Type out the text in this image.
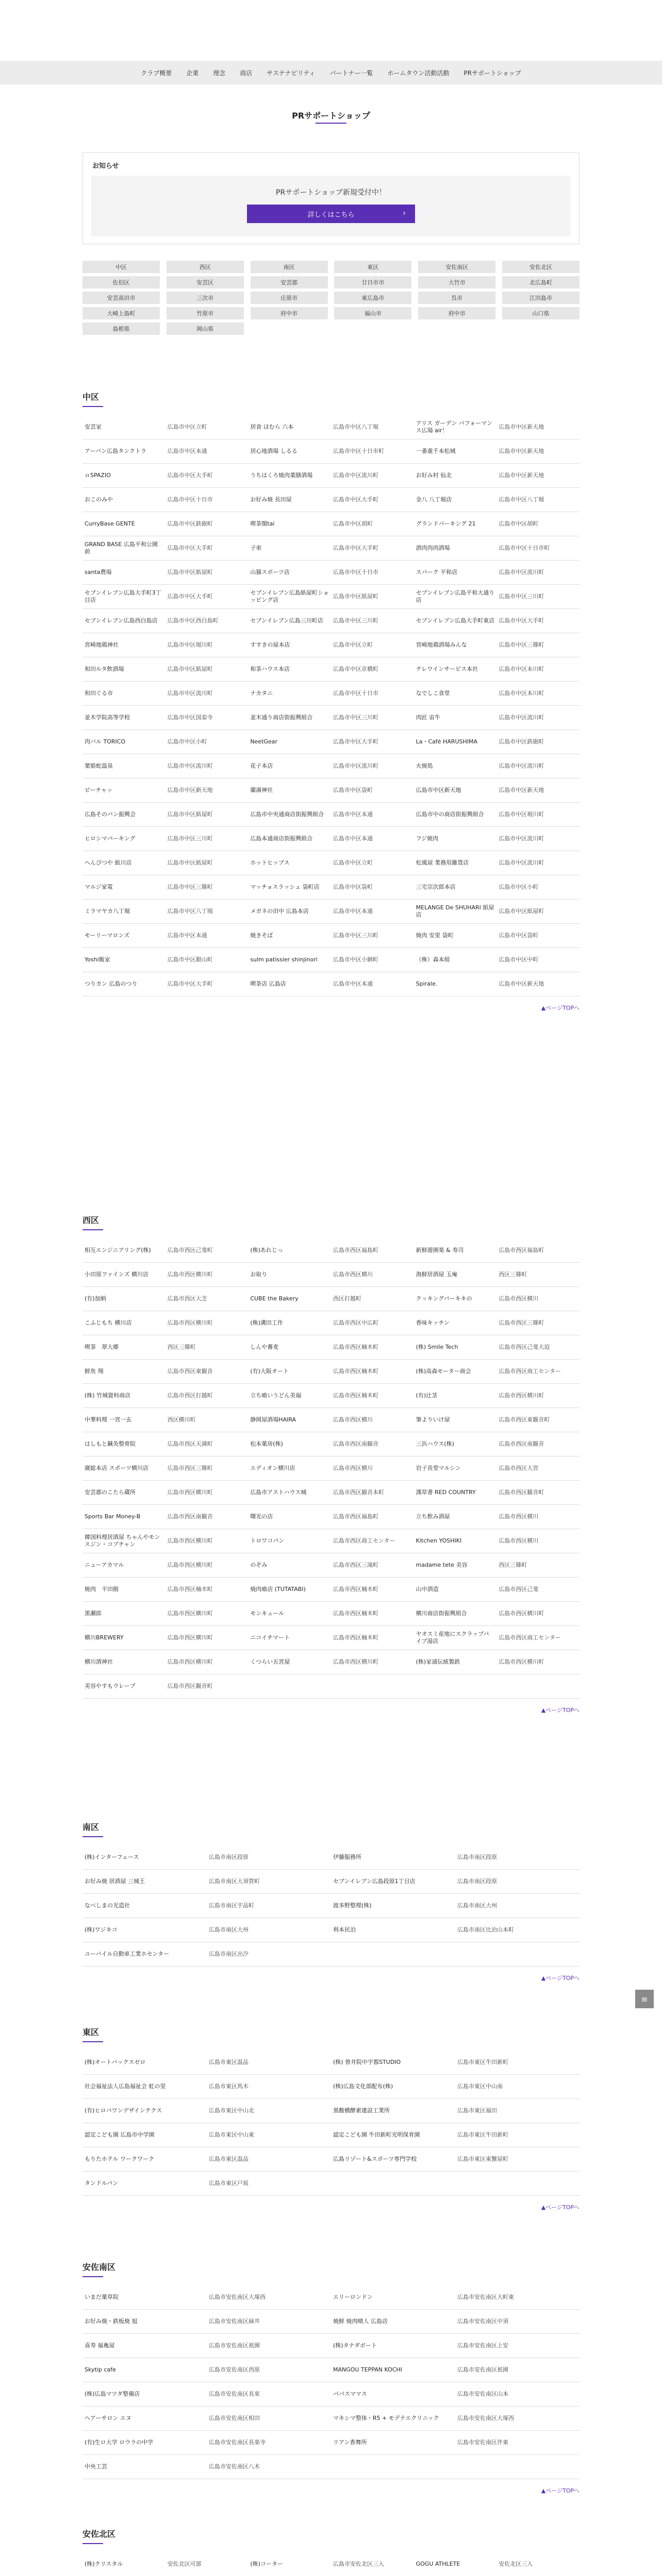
クラブ概要 企業 理念 商店 サステナビリティ パートナー一覧 ホームタウン活動活動 PRサポートショップ
PRサポートショップ
お知らせ
PRサポートショップ新規受付中！
詳しくはこちら	›
中区	西区	南区	東区	安佐南区	安佐北区
佐伯区	安芸区	安芸郡	廿日市市	大竹市	北広島町
安芸高田市	三次市	庄原市	東広島市	呉市	江田島市
大崎上島町	竹原市	府中市	福山市	府中市	山口県
島根県	岡山県
中区
安芸家	広島市中区立町	居食 ほむら 六本	広島市中区八丁堀	アリス ガーデン パフォーマンス広場 air！	広島市中区新天地
アーバン広島タンクトラ	広島市中区本通	居心地酒場 しるる	広島市中区十日市町	一番重千本松城	広島市中区新天地
ｏSPAZIO	広島市中区大手町	うちはくろ焼肉薬膳酒場	広島市中区流川町	お好み村 仙北	広島市中区新天地
おこのみや	広島市中区十日市	お好み焼 長田屋	広島市中区大手町	金八 八丁堀店	広島市中区八丁堀
CurryBase GENTE	広島市中区鉄砲町	喫茶閣tai	広島市中区胡町	グランドパーキング 21	広島市中区胡町
GRAND BASE 広島平和公園前	広島市中区大手町	子車	広島市中区大手町	酒肉肉肉酒場	広島市中区十日市町
santa農場	広島市中区紙屋町	山猫スポーツ店	広島市中区十日市	スパーク 平和店	広島市中区流川町
セブンイレブン広島大手町3丁目店	広島市中区大手町	セブンイレブン広島紙屋町ショッピング店	広島市中区紙屋町	セブンイレブン広島平和大通り店	広島市中区三川町
セブンイレブン広島西白島店	広島市中区西白島町	セブンイレブン広島三川町店	広島市中区三川町	セブンイレブン広島大手町東店	広島市中区大手町
宮崎地鶏神社	広島市中区堀川町	すすきの屋本店	広島市中区立町	宮崎地鶏酒場みんな	広島市中区三篠町
和田ルタ飲酒場	広島市中区紙屋町	和茶ハウス本店	広島市中区京橋町	テレワインサービス本社	広島市中区本川町
和田ぐる市	広島市中区流川町	ナカタニ	広島市中区十日市	なでしこ食堂	広島市中区本川町
並木学院高等学校	広島市中区国泰寺	並木通り商店街振興組合	広島市中区三川町	肉匠 宙牛	広島市中区流川町
肉バル TORICO	広島市中区小町	NeetGear	広島市中区大手町	La・Café HARUSHIMA	広島市中区鉄砲町
葉姫蛇温泉	広島市中区流川町	花子本店	広島市中区流川町	火焼処	広島市中区流川町
ピーチャッ	広島市中区新天地	蘭満神社	広島市中区袋町	広島市中区新天地	広島市中区新天地
広島そのバン振興会	広島市中区紙屋町	広島市中央通商店街振興組合	広島市中区本通	広島市中の商店街振興組合	広島市中区堀川町
ヒロシマパーキング	広島市中区三川町	広島本通商店街振興組合	広島市中区本通	フジ焼肉	広島市中区流川町
へんぴつや 紙川店	広島市中区紙屋町	ホットヒップス	広島市中区立町	松風屋 業務用雑貨店	広島市中区流川町
マルジ家電	広島市中区三篠町	マッチョスラッシュ 袋町店	広島市中区袋町	三宅宗次郎本店	広島市中区小町
ミラマヤカ八丁堀	広島市中区八丁堀	メガネの田中 広島本店	広島市中区本通	MELANGE De SHUHARI 紙屋店	広島市中区紙屋町
モーリーマロンズ	広島市中区本通	焼きそば	広島市中区三川町	焼肉 安里 袋町	広島市中区袋町
Yoshi飯家	広島市中区銀山町	sulm patissier shinjinori	広島市中区小網町	（株）森本組	広島市中区中町
つりカン 広島のつり	広島市中区大手町	喫茶店 広島店	広島市中区本通	Spirale.	広島市中区新天地
▲ページTOPへ
西区
相互エンジニアリング(株)	広島市西区己斐町	(株)あれじっ	広島市西区福島町	新鮮遊園楽 & 寿司	広島市西区福島町
小田原ファインズ 横川店	広島市西区横川町	お取り	広島市西区横川	海鮮居酒屋 玉庵	西区三篠町
(有)加納	広島市西区大芝	CUBE the Bakery	西区打越町	クッキングパーキキの	広島市西区横川
こふじもち 横川店	広島市西区横川町	(株)溝田工作	広島市西区中広町	香味キッチン	広島市西区三篠町
喫茶　翠大郷	西区三篠町	しんや蕎麦	広島市西区楠木町	(株) Smile Tech	広島市西区己斐大迫
鮮魚 翔	広島市西区東観音	(有)大阪オート	広島市西区楠木町	(株)高森モーター商会	広島市西区商工センター
(株) 竹城資料商店	広島市西区打越町	立ち喰いうどん美福	広島市西区楠木町	(有)辻茎	広島市西区横川町
中華料理 一宮一玄	西区横川町	静岡屋酒場HAIRA	広島市西区横川	筆よりいけ屋	広島市西区東観音町
はしもと鍼灸整骨院	広島市西区天満町	松本菓房(株)	広島市西区南観音	三浜ハウス(株)	広島市西区南観音
廣総本店 スポーツ横川店	広島市西区三篠町	エディオン横川店	広島市西区横川	岩子長堂マルシン	広島市西区大宮
安芸郡のこたら蔵所	広島市西区横川町	広島市アストハウス城	広島市西区観音本町	漢草書 RED COUNTRY	広島市西区観音町
Sports Bar Money-B	広島市西区南観音	曙光の店	広島市西区福島町	立ち飲み酒屋	広島市西区横川
韓国料理居酒屋 ちゃんやモンスジン・コプチャン	広島市西区横川町	トロワコパン	広島市西区商工センター	Kitchen YOSHIKI	広島市西区横川
ニューアカマル	広島市西区横川町	のぞみ	広島市西区三滝町	madame tete 美容	西区三篠町
焼肉　平田館	広島市西区楠木町	焼肉喰店 (TUTATABI)	広島市西区楠木町	山中酒造	広島市西区己斐
黒瀬郎	広島市西区横川町	モンキュール	広島市西区楠木町	横川商店街振興組合	広島市西区横川町
横川BREWERY	広島市西区横川町	ニコイチマート	広島市西区楠木町	ヤオスミ産地にスクラップパイプ湯店	広島市西区商工センター
横川酒神社	広島市西区横川町	くつらい五宮屋	広島市西区横川町	(株)家浦伝統製鉄	広島市西区横川町
美容やすもウレーブ	広島市西区観音町				
▲ページTOPへ
南区
(株)インターフェース	広島市南区段原	伊藤服務所	広島市南区段原
お好み焼 居酒屋 三城王	広島市南区大須賀町	セブンイレブン広島段原1丁目店	広島市南区段原
なべしまの光造社	広島市南区宇品町	渡多野整理(株)	広島市南区大州
(株)ワジキコ	広島市南区大州	利本民泊	広島市南区比治山本町
ユーバイル自動車工業ホセンター	広島市南区出汐		
▲ページTOPへ
東区
(株)オートバックスゼロ	広島市東区温品	(株) 曽井院中宇都STUDIO	広島市東区牛田新町
社会福祉法人広島福祉会 虹の里	広島市東区馬木	(株)広島文化部配布(株)	広島市東区中山南
(有)ヒロパワンデザインテクス	広島市東区中山北	黒酸橋酵素建設工業所	広島市東区福田
認定こども園 広島市中学園	広島市東区中山東	認定こども園 牛田新町光明保育園	広島市東区牛田新町
もりたホテル ワークワーク	広島市東区温品	広島リゾート&スポーツ専門学校	広島市東区東蟹屋町
タンドルパン	広島市東区戸坂		
▲ページTOPへ
安佐南区
いまだ菓草院	広島市安佐南区大塚西	エリーロンドン	広島市安佐南区大町東
お好み焼・鉄板焼 旭	広島市安佐南区緑井	焼鮮 焼肉晴人 広島店	広島市安佐南区中須
喜寿 福亀屋	広島市安佐南区祇園	(株)タナダボート	広島市安佐南区上安
Skytip cafe	広島市安佐南区西原	MANGOU TEPPAN KOCHI	広島市安佐南区祇園
(株)広島マツダ整備店	広島市安佐南区長束	パパスママス	広島市安佐南区山本
ヘアーサロン エヌ	広島市安佐南区相田	マキシマ整体・R5 + モデナエクリニック	広島市安佐南区大塚西
(有)生ロ大学 ロウラの中学	広島市安佐南区長楽寺	リアン香舞所	広島市安佐南区伴東
中央工芸	広島市安佐南区八木		
▲ページTOPへ
安佐北区
(株)クリスタル	安佐北区可部	(株)コーター	広島市安佐北区三入	GOGU ATHLETE	安佐北区三入

≡
